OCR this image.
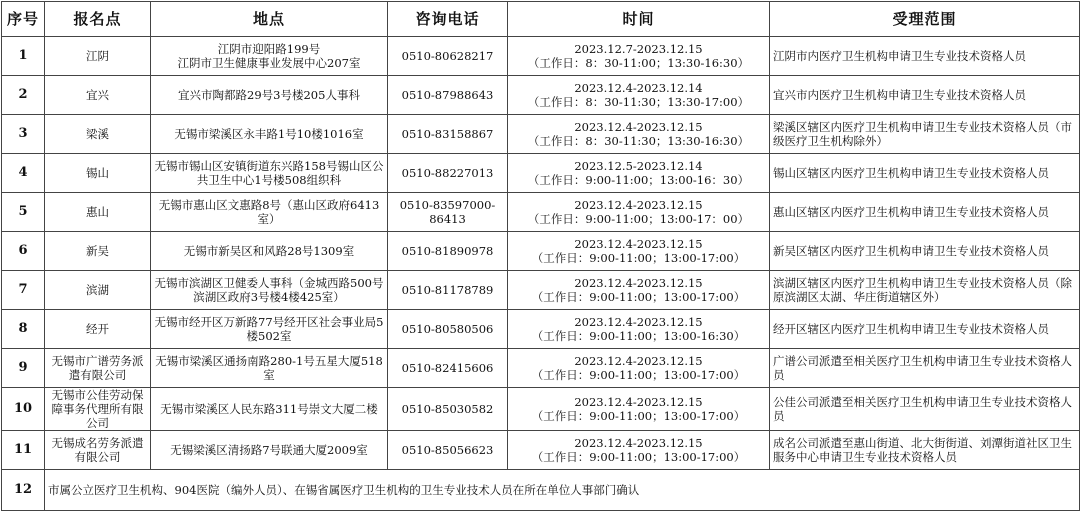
序号	报名点	地点	咨询电话	时间	受理范围
1	江阴	江阴市迎阳路199号
江阴市卫生健康事业发展中心207室	0510-80628217	2023.12.7-2023.12.15
（工作日：8：30-11:00；13:30-16:30）	江阴市内医疗卫生机构申请卫生专业技术资格人员
2	宜兴	宜兴市陶都路29号3号楼205人事科	0510-87988643	2023.12.4-2023.12.14
（工作日：8：30-11:30；13:30-17:00）	宜兴市内医疗卫生机构申请卫生专业技术资格人员
3	梁溪	无锡市梁溪区永丰路1号10楼1016室	0510-83158867	2023.12.4-2023.12.15
（工作日：8：30-11:30；13:30-16:30）	梁溪区辖区内医疗卫生机构申请卫生专业技术资格人员（市级医疗卫生机构除外）
4	锡山	无锡市锡山区安镇街道东兴路158号锡山区公共卫生中心1号楼508组织科	0510-88227013	2023.12.5-2023.12.14
（工作日：9:00-11:00；13:00-16：30）	锡山区辖区内医疗卫生机构申请卫生专业技术资格人员
5	惠山	无锡市惠山区文惠路8号（惠山区政府6413室）	0510-83597000-86413	2023.12.4-2023.12.15
（工作日：9:00-11:00；13:00-17：00）	惠山区辖区内医疗卫生机构申请卫生专业技术资格人员
6	新吴	无锡市新吴区和风路28号1309室	0510-81890978	2023.12.4-2023.12.15
（工作日：9:00-11:00；13:00-17:00）	新吴区辖区内医疗卫生机构申请卫生专业技术资格人员
7	滨湖	无锡市滨湖区卫健委人事科（金城西路500号滨湖区政府3号楼4楼425室）	0510-81178789	2023.12.4-2023.12.15
（工作日：9:00-11:00；13:00-17:00）	滨湖区辖区内医疗卫生机构申请卫生专业技术资格人员（除原滨湖区太湖、华庄街道辖区外）
8	经开	无锡市经开区万新路77号经开区社会事业局5楼502室	0510-80580506	2023.12.4-2023.12.15
（工作日：9:00-11:00；13:00-16:30）	经开区辖区内医疗卫生机构申请卫生专业技术资格人员
9	无锡市广谱劳务派遣有限公司	无锡市梁溪区通扬南路280-1号五星大厦518室	0510-82415606	2023.12.4-2023.12.15
（工作日：9:00-11:00；13:00-17:00）	广谱公司派遣至相关医疗卫生机构申请卫生专业技术资格人员
10	无锡市公佳劳动保障事务代理所有限公司	无锡市梁溪区人民东路311号崇文大厦二楼	0510-85030582	2023.12.4-2023.12.15
（工作日：9:00-11:00；13:00-17:00）	公佳公司派遣至相关医疗卫生机构申请卫生专业技术资格人员
11	无锡成名劳务派遣有限公司	无锡梁溪区清扬路7号联通大厦2009室	0510-85056623	2023.12.4-2023.12.15
（工作日：9:00-11:00；13:00-17:00）	成名公司派遣至惠山街道、北大街街道、刘潭街道社区卫生服务中心申请卫生专业技术资格人员
12	市属公立医疗卫生机构、904医院（编外人员）、在锡省属医疗卫生机构的卫生专业技术人员在所在单位人事部门确认				
